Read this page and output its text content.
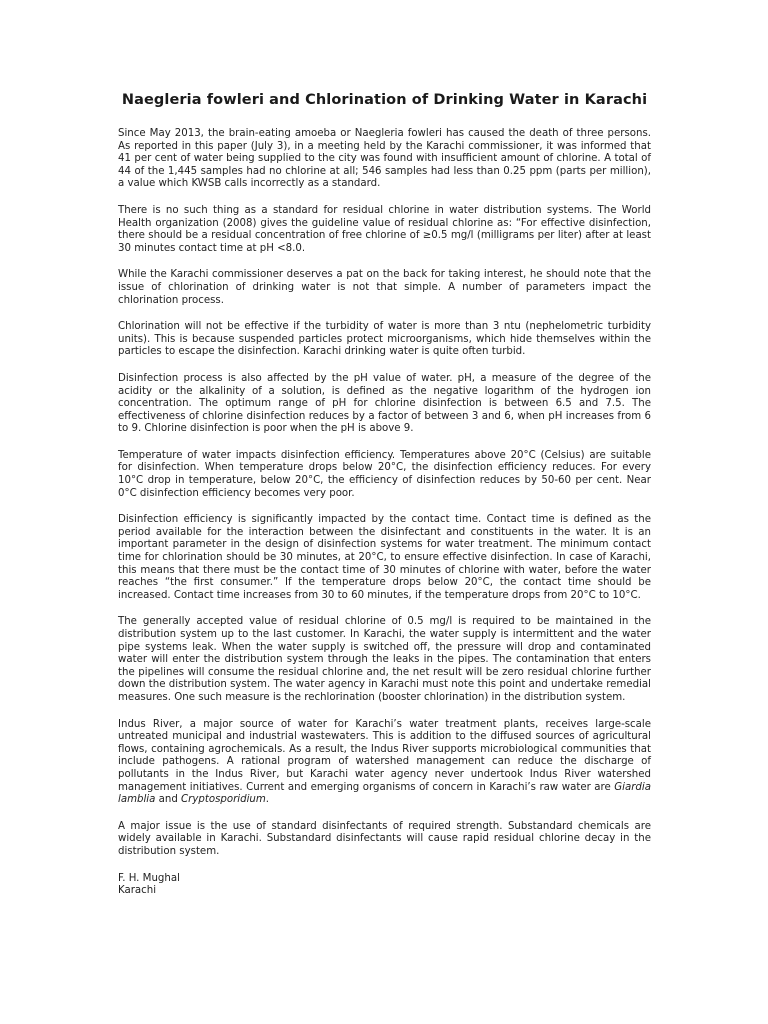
Naegleria fowleri and Chlorination of Drinking Water in Karachi

Since May 2013, the brain-eating amoeba or Naegleria fowleri has caused the death of three persons. As reported in this paper (July 3), in a meeting held by the Karachi commissioner, it was informed that 41 per cent of water being supplied to the city was found with insufficient amount of chlorine. A total of 44 of the 1,445 samples had no chlorine at all; 546 samples had less than 0.25 ppm (parts per million), a value which KWSB calls incorrectly as a standard.

There is no such thing as a standard for residual chlorine in water distribution systems. The World Health organization (2008) gives the guideline value of residual chlorine as: “For effective disinfection, there should be a residual concentration of free chlorine of ≥0.5 mg/l (milligrams per liter) after at least 30 minutes contact time at pH <8.0.

While the Karachi commissioner deserves a pat on the back for taking interest, he should note that the issue of chlorination of drinking water is not that simple. A number of parameters impact the chlorination process.

Chlorination will not be effective if the turbidity of water is more than 3 ntu (nephelometric turbidity units). This is because suspended particles protect microorganisms, which hide themselves within the particles to escape the disinfection. Karachi drinking water is quite often turbid.

Disinfection process is also affected by the pH value of water. pH, a measure of the degree of the acidity or the alkalinity of a solution, is defined as the negative logarithm of the hydrogen ion concentration. The optimum range of pH for chlorine disinfection is between 6.5 and 7.5. The effectiveness of chlorine disinfection reduces by a factor of between 3 and 6, when pH increases from 6 to 9. Chlorine disinfection is poor when the pH is above 9.

Temperature of water impacts disinfection efficiency. Temperatures above 20°C (Celsius) are suitable for disinfection. When temperature drops below 20°C, the disinfection efficiency reduces. For every 10°C drop in temperature, below 20°C, the efficiency of disinfection reduces by 50-60 per cent. Near 0°C disinfection efficiency becomes very poor.

Disinfection efficiency is significantly impacted by the contact time. Contact time is defined as the period available for the interaction between the disinfectant and constituents in the water. It is an important parameter in the design of disinfection systems for water treatment. The minimum contact time for chlorination should be 30 minutes, at 20°C, to ensure effective disinfection. In case of Karachi, this means that there must be the contact time of 30 minutes of chlorine with water, before the water reaches “the first consumer.” If the temperature drops below 20°C, the contact time should be increased. Contact time increases from 30 to 60 minutes, if the temperature drops from 20°C to 10°C.

The generally accepted value of residual chlorine of 0.5 mg/l is required to be maintained in the distribution system up to the last customer. In Karachi, the water supply is intermittent and the water pipe systems leak. When the water supply is switched off, the pressure will drop and contaminated water will enter the distribution system through the leaks in the pipes. The contamination that enters the pipelines will consume the residual chlorine and, the net result will be zero residual chlorine further down the distribution system. The water agency in Karachi must note this point and undertake remedial measures. One such measure is the rechlorination (booster chlorination) in the distribution system.

Indus River, a major source of water for Karachi’s water treatment plants, receives large-scale untreated municipal and industrial wastewaters. This is addition to the diffused sources of agricultural flows, containing agrochemicals. As a result, the Indus River supports microbiological communities that include pathogens. A rational program of watershed management can reduce the discharge of pollutants in the Indus River, but Karachi water agency never undertook Indus River watershed management initiatives. Current and emerging organisms of concern in Karachi’s raw water are Giardia lamblia and Cryptosporidium.

A major issue is the use of standard disinfectants of required strength. Substandard chemicals are widely available in Karachi. Substandard disinfectants will cause rapid residual chlorine decay in the distribution system.

F. H. Mughal
Karachi
